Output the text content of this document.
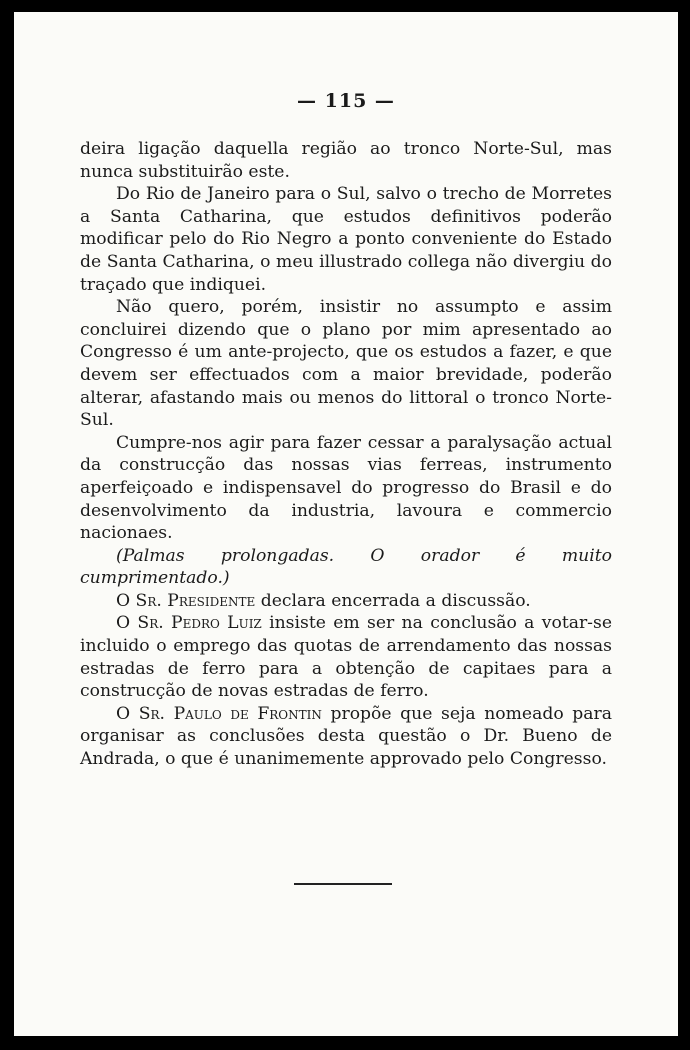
— 115 —

deira ligação daquella região ao tronco Norte-Sul, mas nunca substituirão este.

Do Rio de Janeiro para o Sul, salvo o trecho de Morretes a Santa Catharina, que estudos definitivos poderão modificar pelo do Rio Negro a ponto conveniente do Estado de Santa Catharina, o meu illustrado collega não divergiu do traçado que indiquei.

Não quero, porém, insistir no assumpto e assim concluirei dizendo que o plano por mim apresentado ao Congresso é um ante-projecto, que os estudos a fazer, e que devem ser effectuados com a maior brevidade, poderão alterar, afastando mais ou menos do littoral o tronco Norte-Sul.

Cumpre-nos agir para fazer cessar a paralysação actual da construcção das nossas vias ferreas, instrumento aperfeiçoado e indispensavel do progresso do Brasil e do desenvolvimento da industria, lavoura e commercio nacionaes.

(Palmas prolongadas. O orador é muito cumprimentado.)

O Sr. Presidente declara encerrada a discussão.

O Sr. Pedro Luiz insiste em ser na conclusão a votar-se incluido o emprego das quotas de arrendamento das nossas estradas de ferro para a obtenção de capitaes para a construcção de novas estradas de ferro.

O Sr. Paulo de Frontin propõe que seja nomeado para organisar as conclusões desta questão o Dr. Bueno de Andrada, o que é unanimemente approvado pelo Congresso.
